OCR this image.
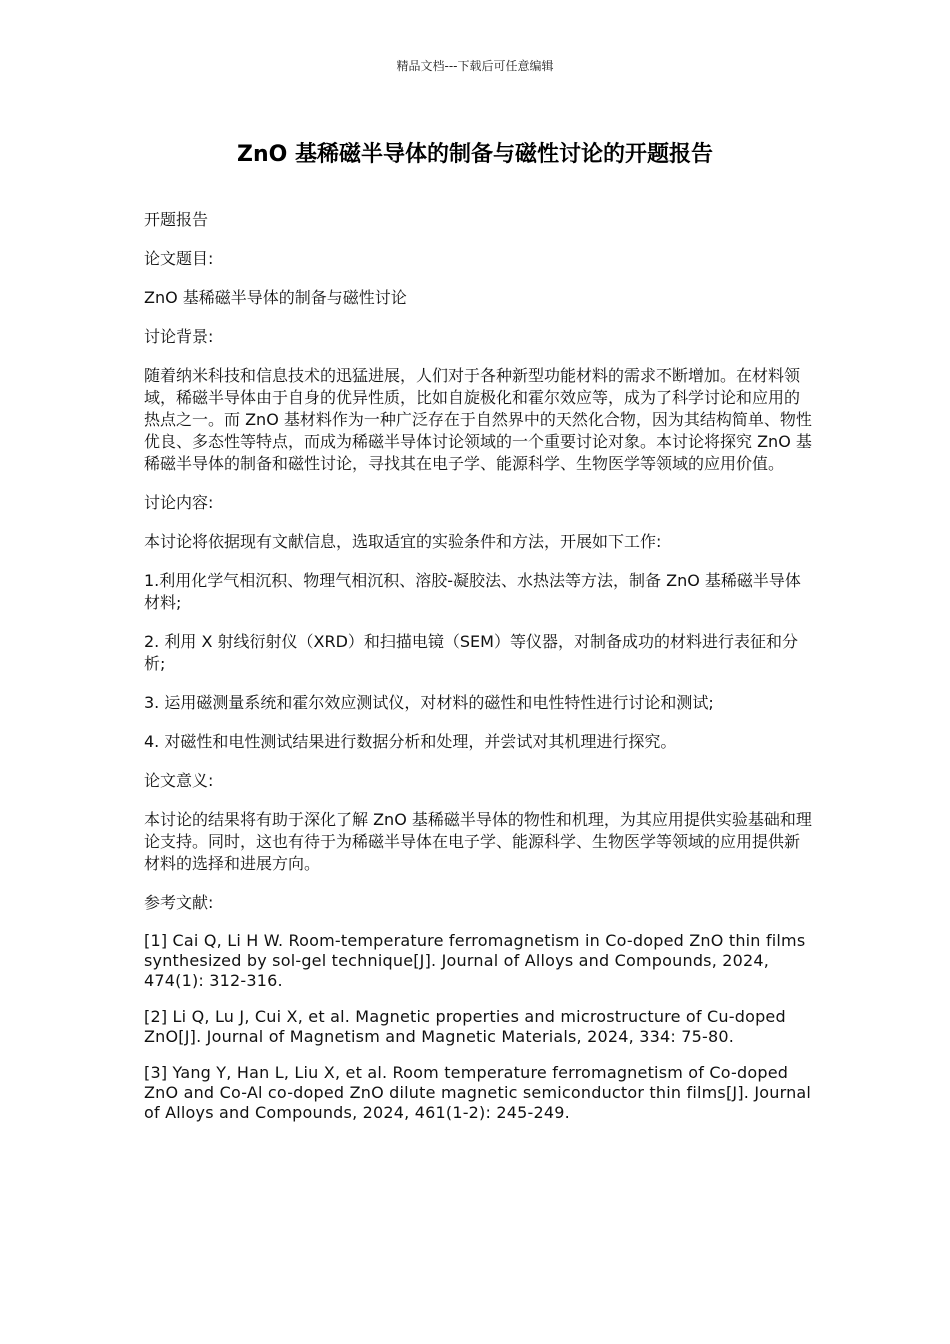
精品文档---下载后可任意编辑
ZnO 基稀磁半导体的制备与磁性讨论的开题报告

开题报告

论文题目:

ZnO 基稀磁半导体的制备与磁性讨论

讨论背景:

随着纳米科技和信息技术的迅猛进展，人们对于各种新型功能材料的需求不断增加。在材料领域，稀磁半导体由于自身的优异性质，比如自旋极化和霍尔效应等，成为了科学讨论和应用的热点之一。而 ZnO 基材料作为一种广泛存在于自然界中的天然化合物，因为其结构简单、物性优良、多态性等特点，而成为稀磁半导体讨论领域的一个重要讨论对象。本讨论将探究 ZnO 基稀磁半导体的制备和磁性讨论，寻找其在电子学、能源科学、生物医学等领域的应用价值。

讨论内容:

本讨论将依据现有文献信息，选取适宜的实验条件和方法，开展如下工作:

1.利用化学气相沉积、物理气相沉积、溶胶-凝胶法、水热法等方法，制备 ZnO 基稀磁半导体材料;

2. 利用 X 射线衍射仪（XRD）和扫描电镜（SEM）等仪器，对制备成功的材料进行表征和分析;

3. 运用磁测量系统和霍尔效应测试仪，对材料的磁性和电性特性进行讨论和测试;

4. 对磁性和电性测试结果进行数据分析和处理，并尝试对其机理进行探究。

论文意义:

本讨论的结果将有助于深化了解 ZnO 基稀磁半导体的物性和机理，为其应用提供实验基础和理论支持。同时，这也有待于为稀磁半导体在电子学、能源科学、生物医学等领域的应用提供新材料的选择和进展方向。

参考文献:

[1] Cai Q, Li H W. Room-temperature ferromagnetism in Co-doped ZnO thin films synthesized by sol-gel technique[J]. Journal of Alloys and Compounds, 2024, 474(1): 312-316.

[2] Li Q, Lu J, Cui X, et al. Magnetic properties and microstructure of Cu-doped ZnO[J]. Journal of Magnetism and Magnetic Materials, 2024, 334: 75-80.

[3] Yang Y, Han L, Liu X, et al. Room temperature ferromagnetism of Co-doped ZnO and Co-Al co-doped ZnO dilute magnetic semiconductor thin films[J]. Journal of Alloys and Compounds, 2024, 461(1-2): 245-249.
